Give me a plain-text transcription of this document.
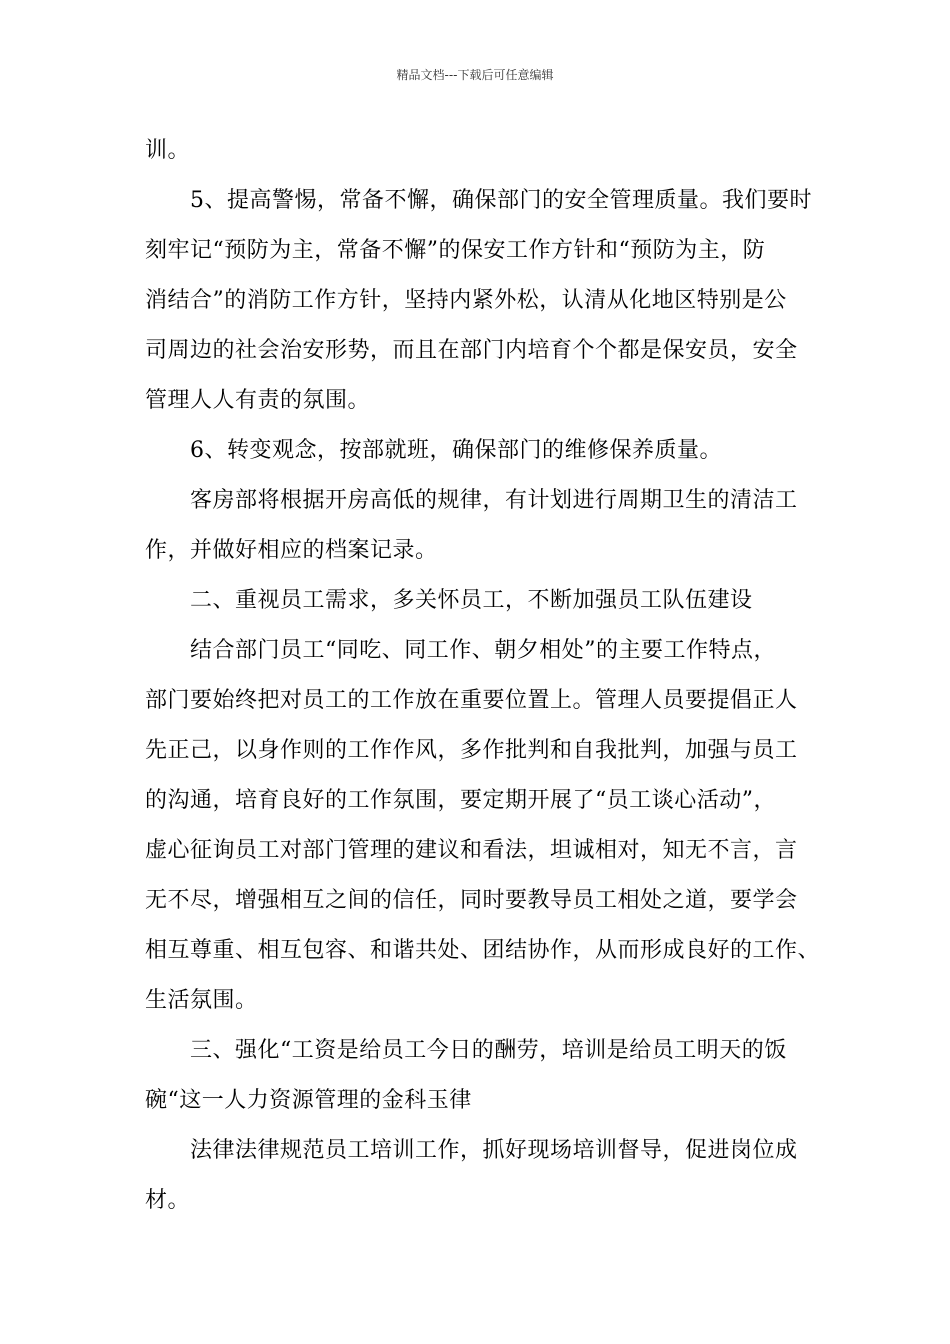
精品文档---下载后可任意编辑
训。
5、提高警惕，常备不懈，确保部门的安全管理质量。我们要时
刻牢记“预防为主，常备不懈”的保安工作方针和“预防为主，防
消结合”的消防工作方针，坚持内紧外松，认清从化地区特别是公
司周边的社会治安形势，而且在部门内培育个个都是保安员，安全
管理人人有责的氛围。
6、转变观念，按部就班，确保部门的维修保养质量。
客房部将根据开房高低的规律，有计划进行周期卫生的清洁工
作，并做好相应的档案记录。
二、重视员工需求，多关怀员工，不断加强员工队伍建设
结合部门员工“同吃、同工作、朝夕相处”的主要工作特点，
部门要始终把对员工的工作放在重要位置上。管理人员要提倡正人
先正己，以身作则的工作作风，多作批判和自我批判，加强与员工
的沟通，培育良好的工作氛围，要定期开展了“员工谈心活动”，
虚心征询员工对部门管理的建议和看法，坦诚相对，知无不言，言
无不尽，增强相互之间的信任，同时要教导员工相处之道，要学会
相互尊重、相互包容、和谐共处、团结协作，从而形成良好的工作、
生活氛围。
三、强化“工资是给员工今日的酬劳，培训是给员工明天的饭
碗“这一人力资源管理的金科玉律
法律法律规范员工培训工作，抓好现场培训督导，促进岗位成
材。
